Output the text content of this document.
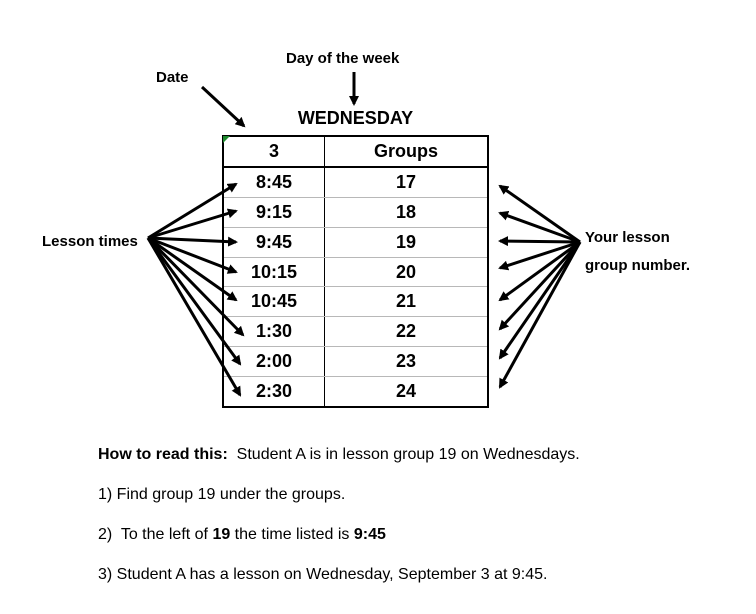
Day of the week
Date
Lesson times	Your lesson
group number.
WEDNESDAY
3	Groups
8:45	17
9:15	18
9:45	19
10:15	20
10:45	21
1:30	22
2:00	23
2:30	24

How to read this: Student A is in lesson group 19 on Wednesdays.

1) Find group 19 under the groups.

2)  To the left of 19 the time listed is 9:45

3) Student A has a lesson on Wednesday, September 3 at 9:45.
